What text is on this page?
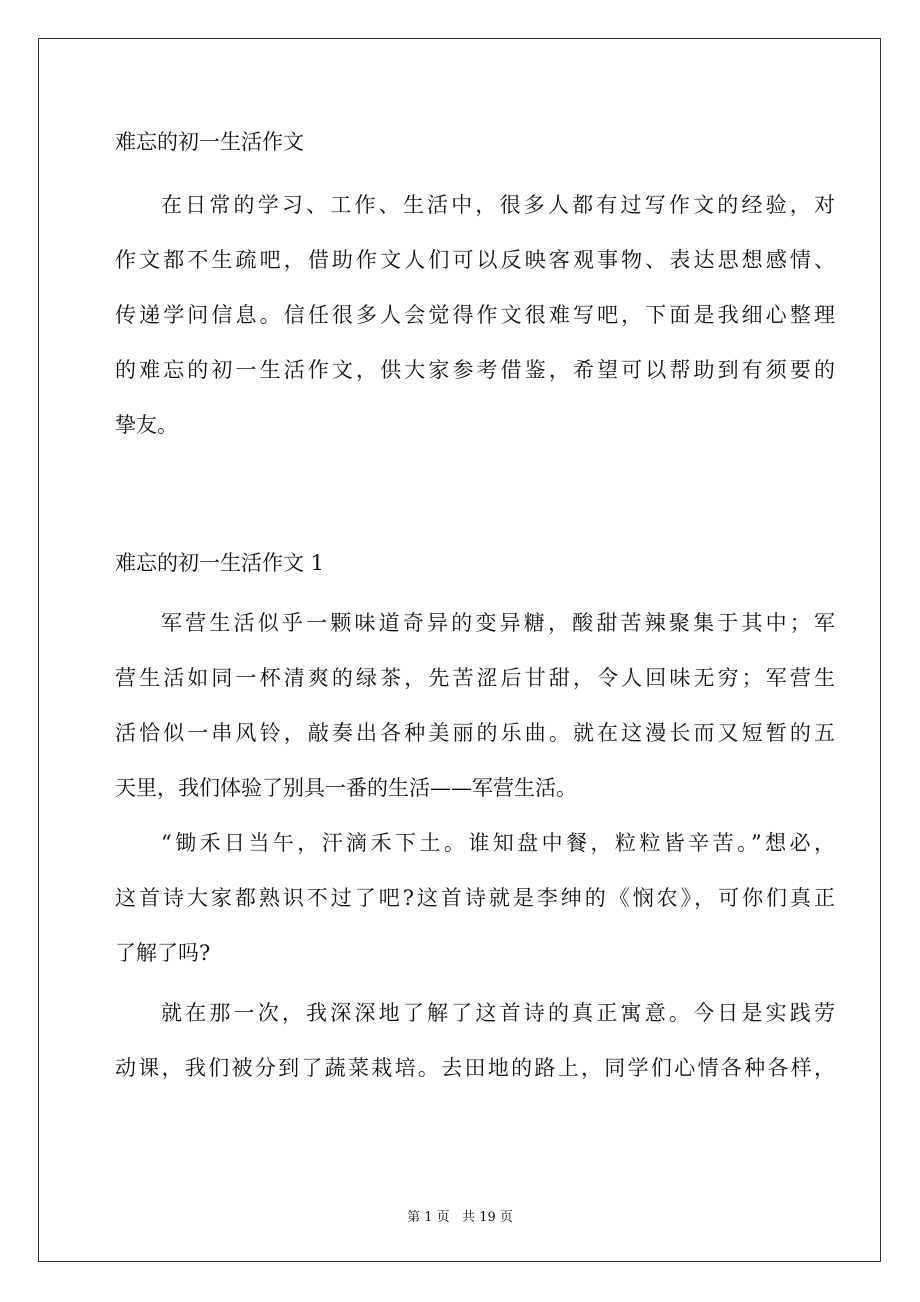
难忘的初一生活作文
在日常的学习、工作、生活中，很多人都有过写作文的经验，对
作文都不生疏吧，借助作文人们可以反映客观事物、表达思想感情、
传递学问信息。信任很多人会觉得作文很难写吧，下面是我细心整理
的难忘的初一生活作文，供大家参考借鉴，希望可以帮助到有须要的
挚友。
难忘的初一生活作文 1
军营生活似乎一颗味道奇异的变异糖，酸甜苦辣聚集于其中；军
营生活如同一杯清爽的绿茶，先苦涩后甘甜，令人回味无穷；军营生
活恰似一串风铃，敲奏出各种美丽的乐曲。就在这漫长而又短暂的五
天里，我们体验了别具一番的生活——军营生活。
“锄禾日当午，汗滴禾下土。谁知盘中餐，粒粒皆辛苦。”想必，
这首诗大家都熟识不过了吧?这首诗就是李绅的《悯农》，可你们真正
了解了吗?
就在那一次，我深深地了解了这首诗的真正寓意。今日是实践劳
动课，我们被分到了蔬菜栽培。去田地的路上，同学们心情各种各样，
第 1 页   共 19 页
